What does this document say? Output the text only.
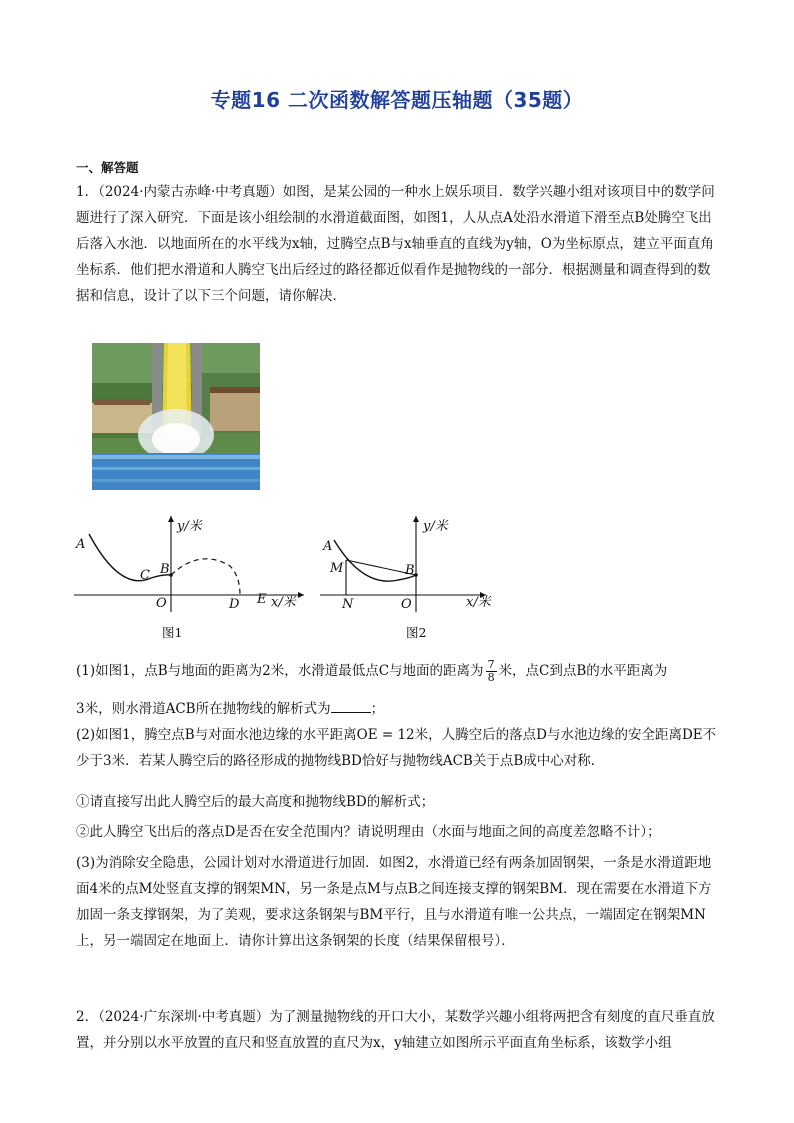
专题16 二次函数解答题压轴题（35题）
一、解答题

1．（2024·内蒙古赤峰·中考真题）如图，是某公园的一种水上娱乐项目．数学兴趣小组对该项目中的数学问题进行了深入研究．下面是该小组绘制的水滑道截面图，如图1，人从点A处沿水滑道下滑至点B处腾空飞出后落入水池．以地面所在的水平线为x轴，过腾空点B与x轴垂直的直线为y轴，O为坐标原点，建立平面直角坐标系．他们把水滑道和人腾空飞出后经过的路径都近似看作是抛物线的一部分．根据测量和调查得到的数据和信息，设计了以下三个问题，请你解决．

A
C B
O	D E x/米
y/米
图1
A
M	B
N	O	x/米
y/米
图2
(1)如图1，点B与地面的距离为2米，水滑道最低点C与地面的距离为 $\frac{7}{8}$ 米，点C到点B的水平距离为
3米，则水滑道ACB所在抛物线的解析式为	；

(2)如图1，腾空点B与对面水池边缘的水平距离OE = 12米，人腾空后的落点D与水池边缘的安全距离DE不少于3米．若某人腾空后的路径形成的抛物线BD恰好与抛物线ACB关于点B成中心对称．

①请直接写出此人腾空后的最大高度和抛物线BD的解析式；
②此人腾空飞出后的落点D是否在安全范围内？请说明理由（水面与地面之间的高度差忽略不计）；

(3)为消除安全隐患，公园计划对水滑道进行加固．如图2，水滑道已经有两条加固钢架，一条是水滑道距地面4米的点M处竖直支撑的钢架MN，另一条是点M与点B之间连接支撑的钢架BM．现在需要在水滑道下方加固一条支撑钢架，为了美观，要求这条钢架与BM平行，且与水滑道有唯一公共点，一端固定在钢架MN上，另一端固定在地面上．请你计算出这条钢架的长度（结果保留根号）．

2．（2024·广东深圳·中考真题）为了测量抛物线的开口大小，某数学兴趣小组将两把含有刻度的直尺垂直放置，并分别以水平放置的直尺和竖直放置的直尺为x，y轴建立如图所示平面直角坐标系，该数学小组
